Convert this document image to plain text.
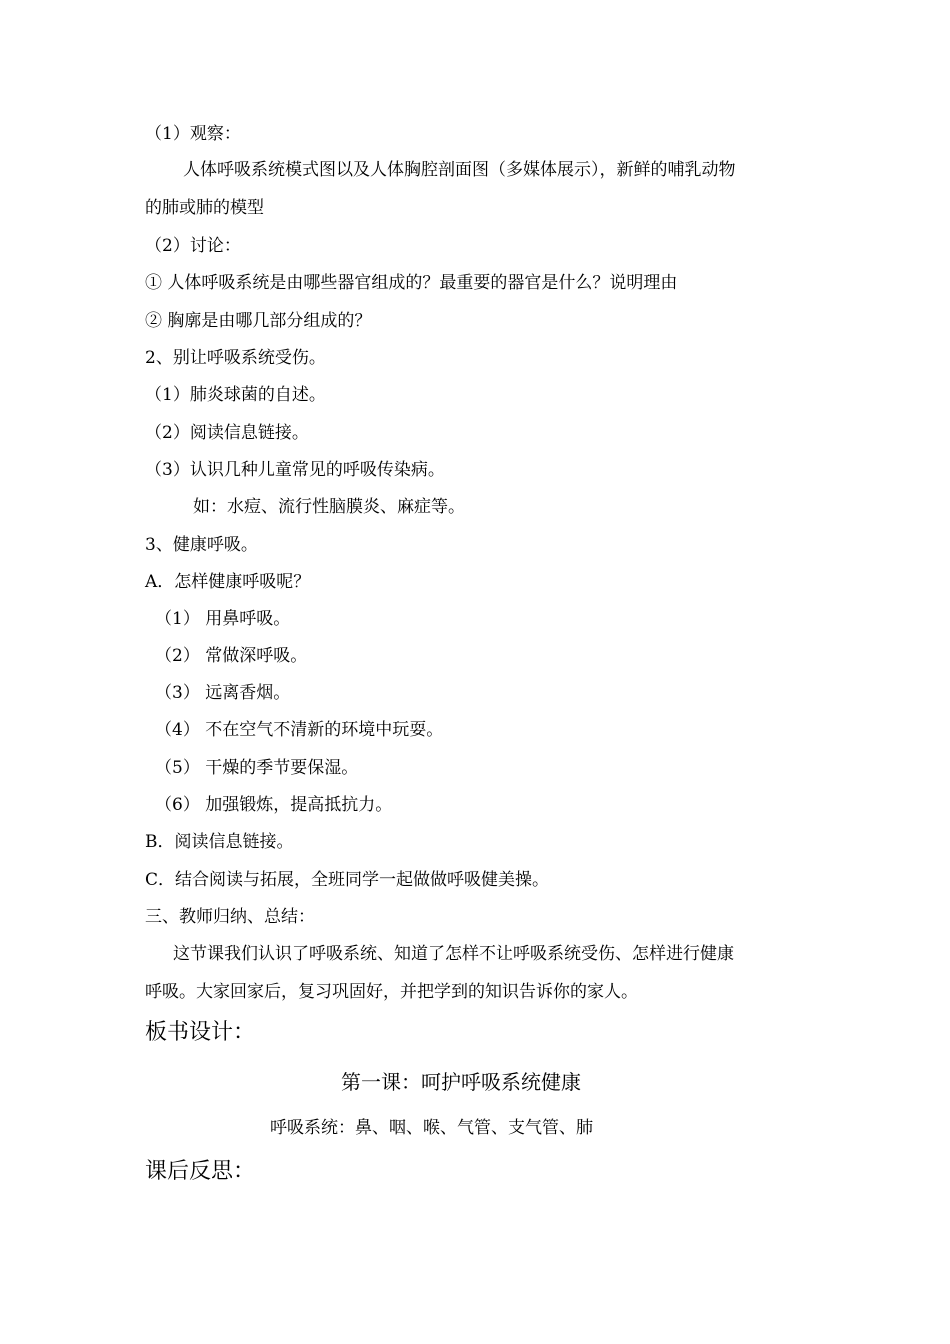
（1）观察：
人体呼吸系统模式图以及人体胸腔剖面图（多媒体展示），新鲜的哺乳动物
的肺或肺的模型
（2）讨论：
① 人体呼吸系统是由哪些器官组成的？最重要的器官是什么？说明理由
② 胸廓是由哪几部分组成的？
2、别让呼吸系统受伤。
（1）肺炎球菌的自述。
（2）阅读信息链接。
（3）认识几种儿童常见的呼吸传染病。
如：水痘、流行性脑膜炎、麻症等。
3、健康呼吸。
A．怎样健康呼吸呢？
（1） 用鼻呼吸。
（2） 常做深呼吸。
（3） 远离香烟。
（4） 不在空气不清新的环境中玩耍。
（5） 干燥的季节要保湿。
（6） 加强锻炼，提高抵抗力。
B．阅读信息链接。
C．结合阅读与拓展，全班同学一起做做呼吸健美操。
三、教师归纳、总结：
这节课我们认识了呼吸系统、知道了怎样不让呼吸系统受伤、怎样进行健康
呼吸。大家回家后，复习巩固好，并把学到的知识告诉你的家人。
板书设计：
第一课：呵护呼吸系统健康
呼吸系统：鼻、咽、喉、气管、支气管、肺
课后反思：
